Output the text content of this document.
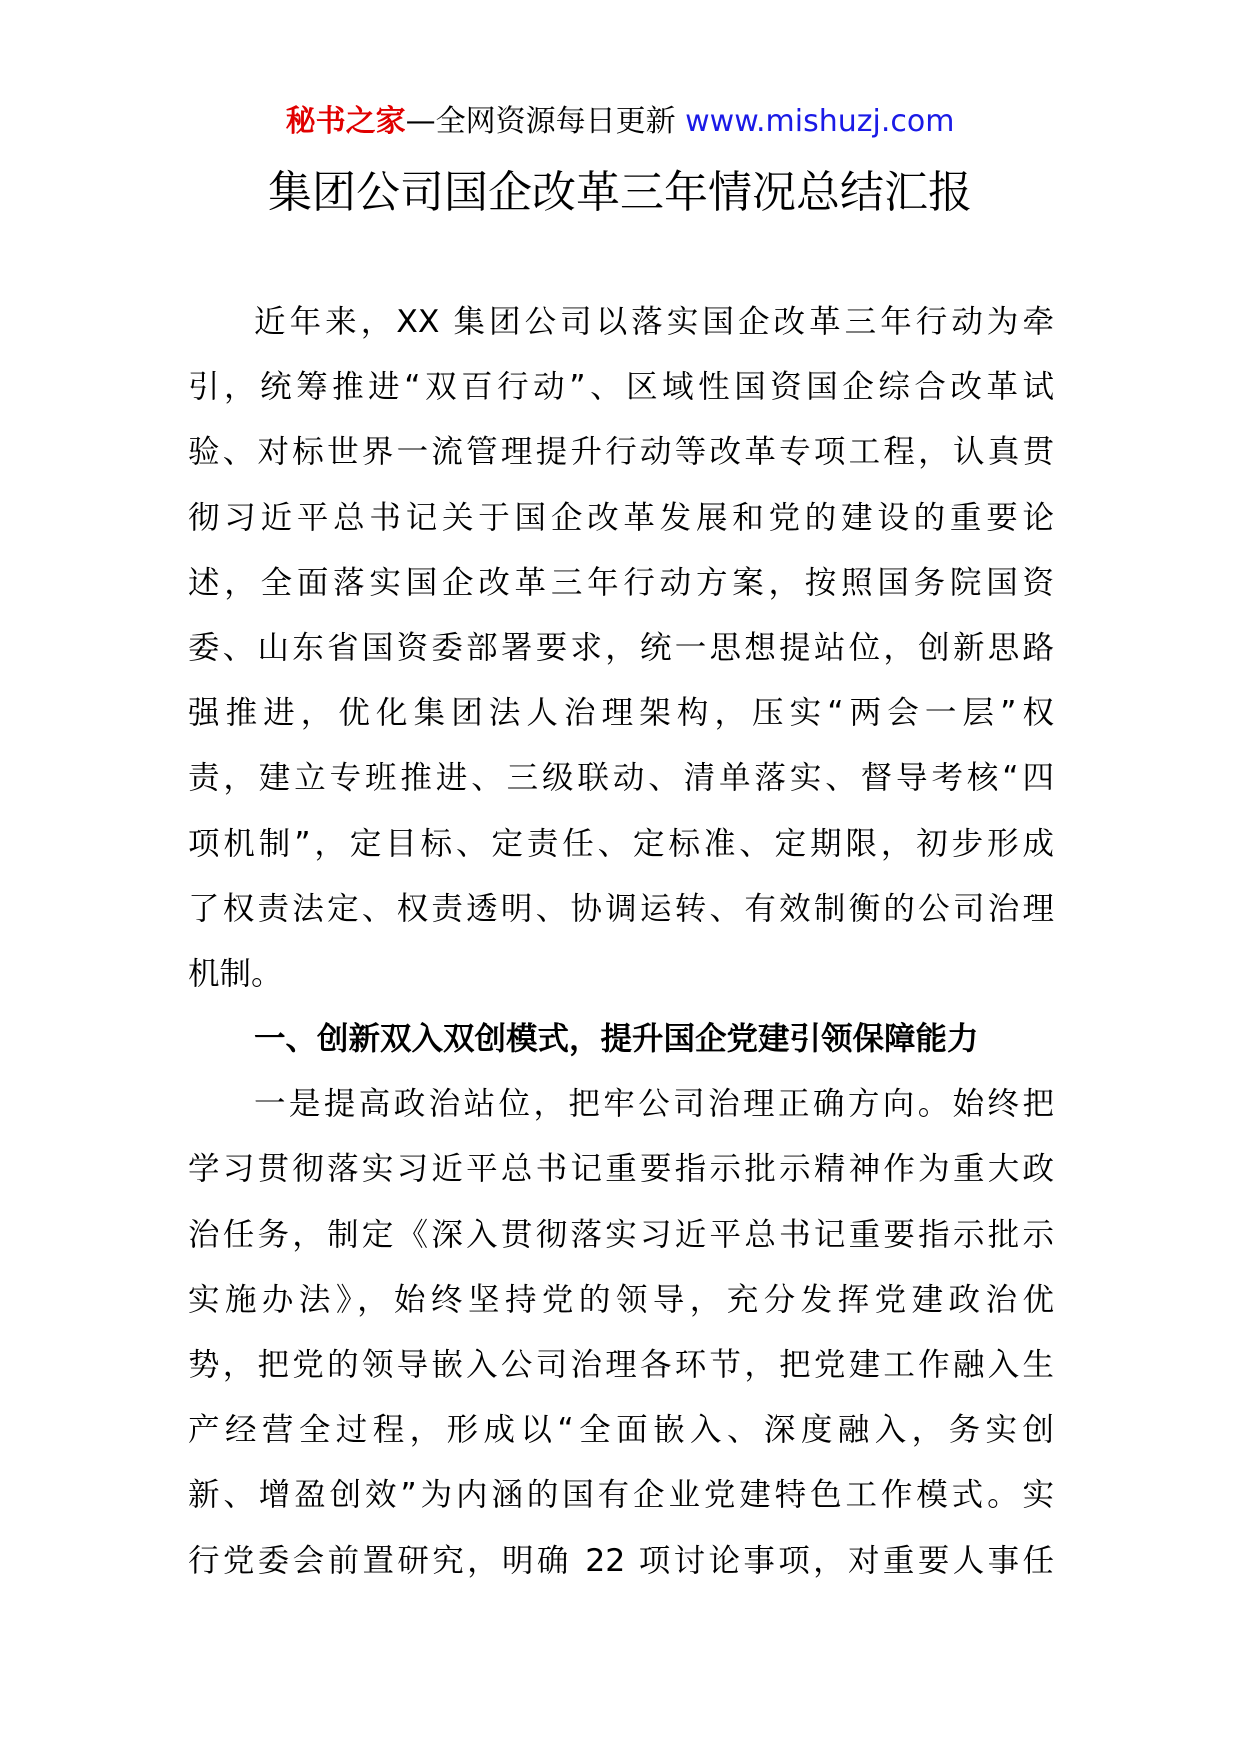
秘书之家—全网资源每日更新 www.mishuzj.com
集团公司国企改革三年情况总结汇报
近年来，XX 集团公司以落实国企改革三年行动为牵
引，统筹推进“双百行动”、区域性国资国企综合改革试
验、对标世界一流管理提升行动等改革专项工程，认真贯
彻习近平总书记关于国企改革发展和党的建设的重要论
述，全面落实国企改革三年行动方案，按照国务院国资
委、山东省国资委部署要求，统一思想提站位，创新思路
强推进，优化集团法人治理架构，压实“两会一层”权
责，建立专班推进、三级联动、清单落实、督导考核“四
项机制”，定目标、定责任、定标准、定期限，初步形成
了权责法定、权责透明、协调运转、有效制衡的公司治理
机制。
一、创新双入双创模式，提升国企党建引领保障能力
一是提高政治站位，把牢公司治理正确方向。始终把
学习贯彻落实习近平总书记重要指示批示精神作为重大政
治任务，制定《深入贯彻落实习近平总书记重要指示批示
实施办法》，始终坚持党的领导，充分发挥党建政治优
势，把党的领导嵌入公司治理各环节，把党建工作融入生
产经营全过程，形成以“全面嵌入、深度融入，务实创
新、增盈创效”为内涵的国有企业党建特色工作模式。实
行党委会前置研究，明确 22 项讨论事项，对重要人事任
